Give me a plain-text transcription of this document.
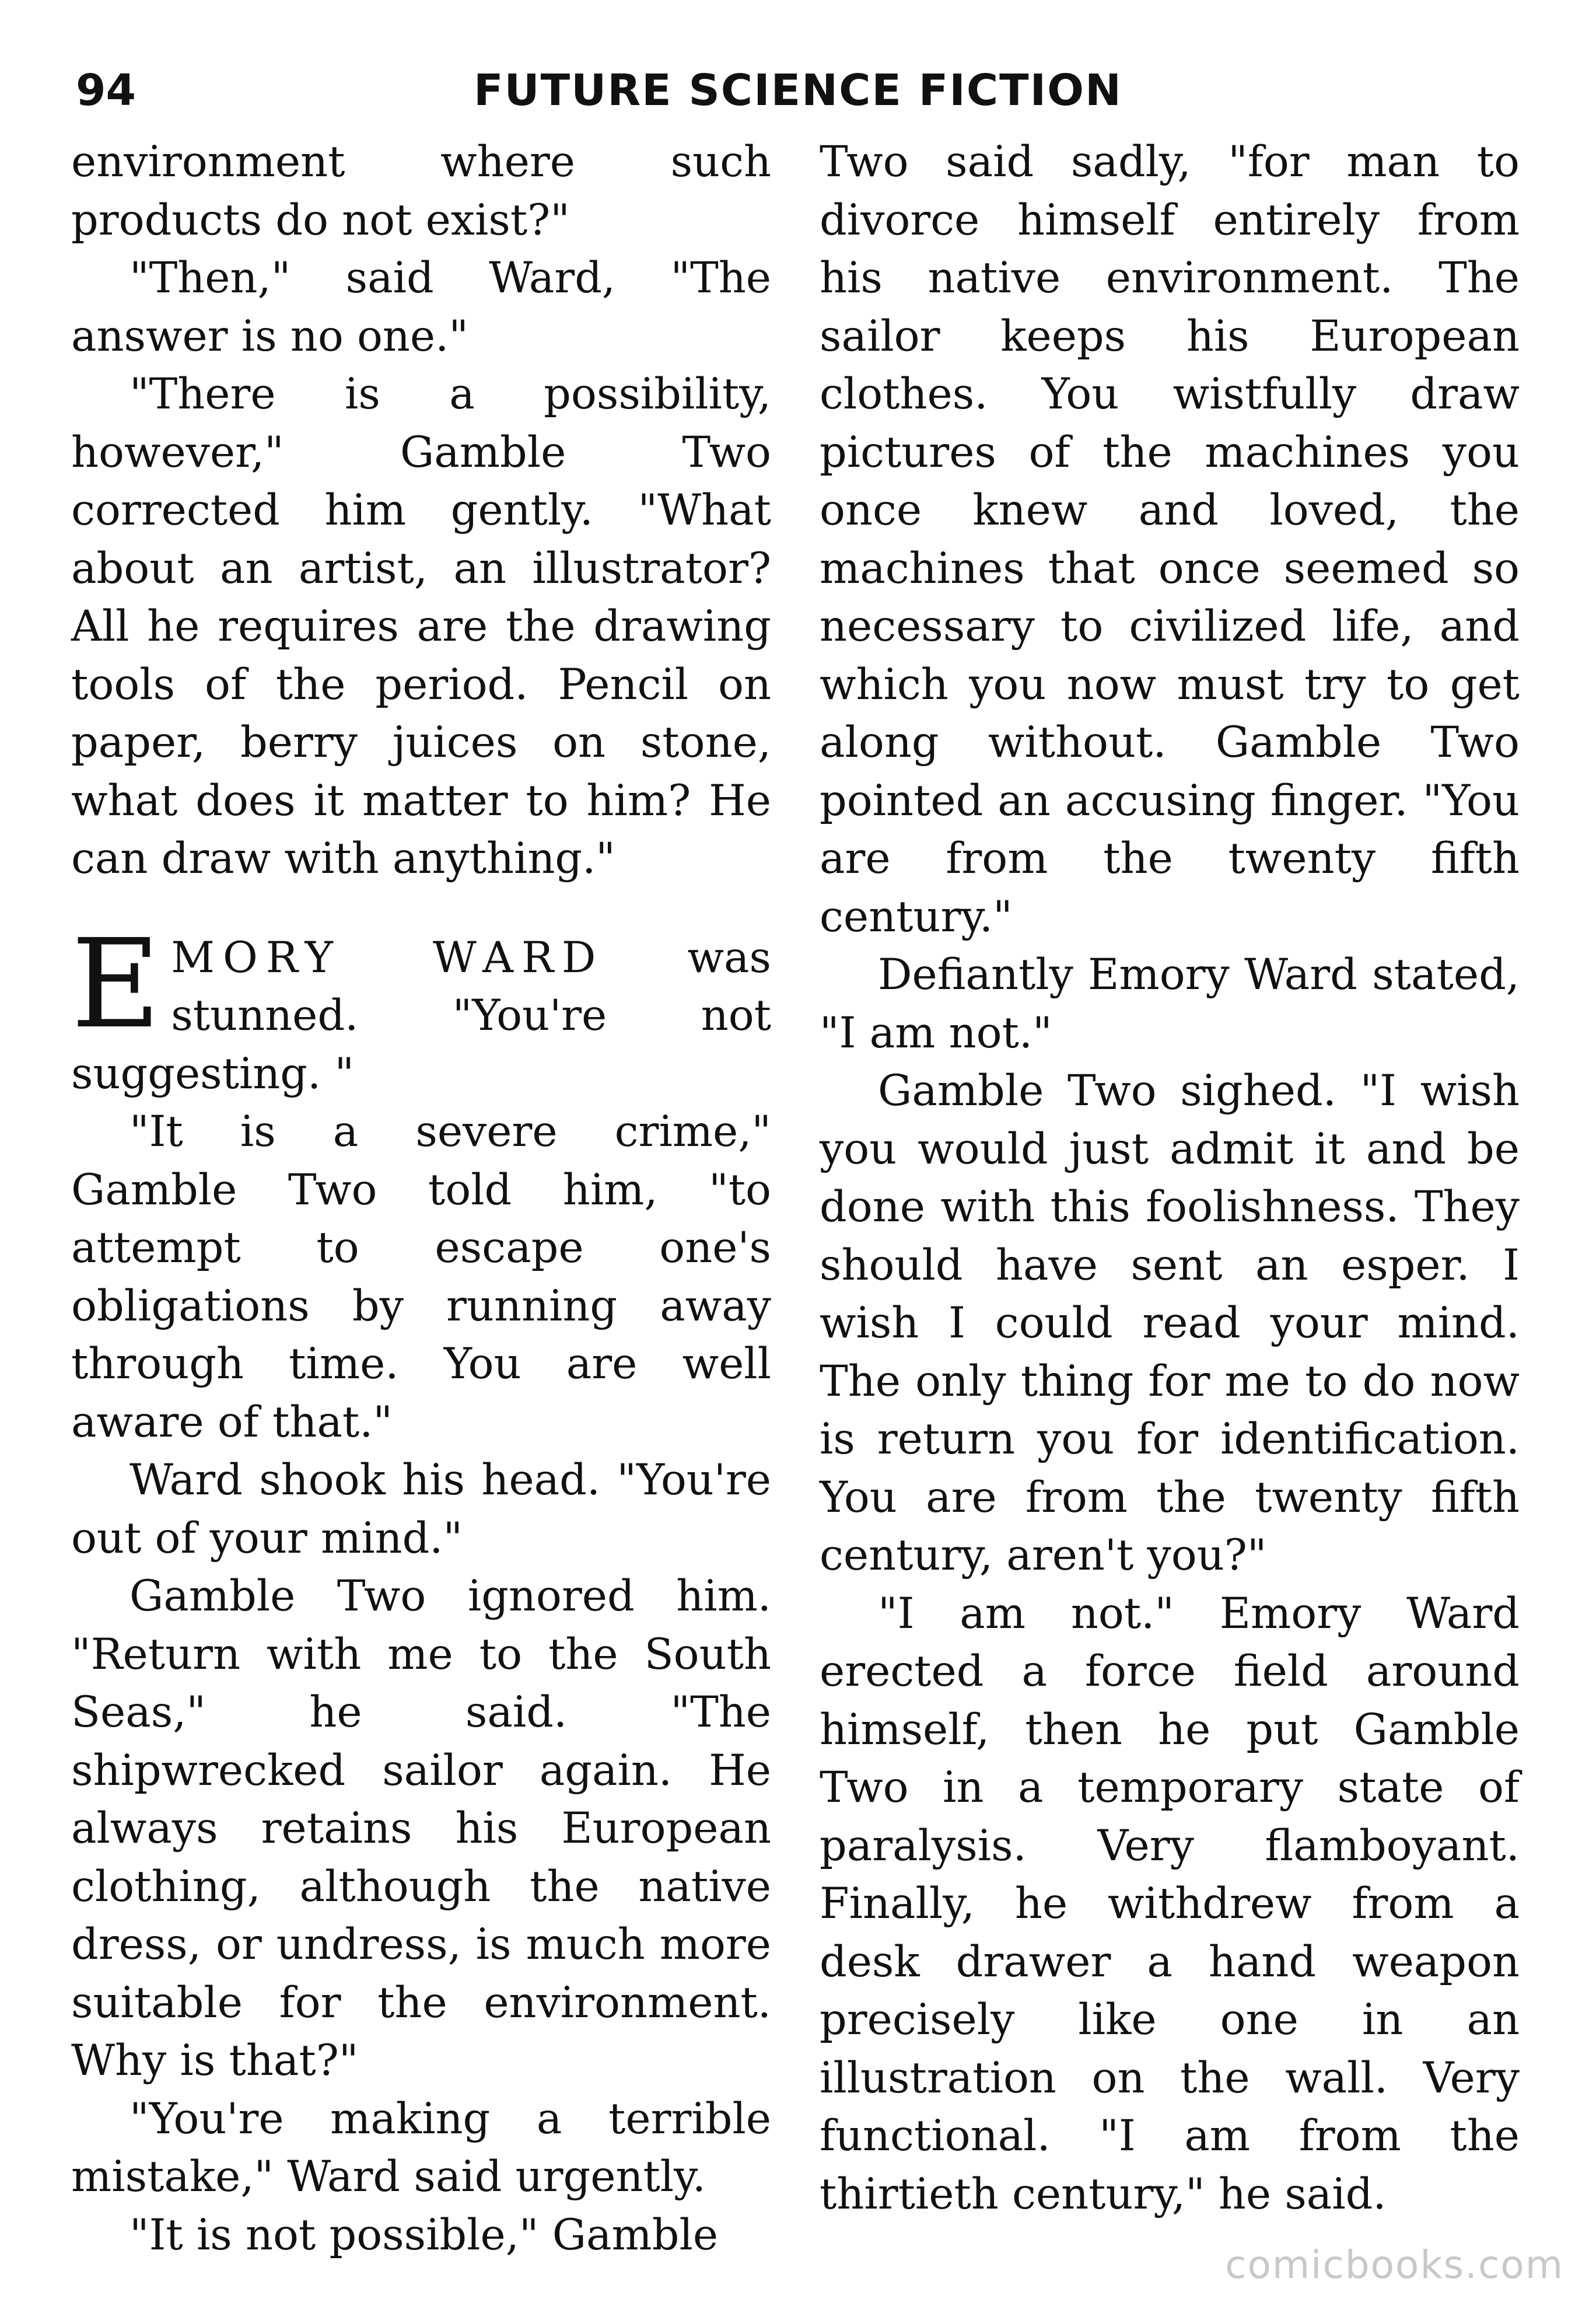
94	FUTURE SCIENCE FICTION

environment where such products do not exist?"

"Then," said Ward, "The answer is no one."

"There is a possibility, however," Gamble Two corrected him gently. "What about an artist, an illustrator? All he requires are the drawing tools of the period. Pencil on paper, berry juices on stone, what does it matter to him? He can draw with anything."

EMORY WARD was stunned. "You're not suggesting. "

"It is a severe crime," Gamble Two told him, "to attempt to escape one's obligations by running away through time. You are well aware of that."

Ward shook his head. "You're out of your mind."

Gamble Two ignored him. "Return with me to the South Seas," he said. "The shipwrecked sailor again. He always retains his European clothing, although the native dress, or undress, is much more suitable for the environment. Why is that?"

"You're making a terrible mistake," Ward said urgently.

"It is not possible," Gamble

Two said sadly, "for man to divorce himself entirely from his native environment. The sailor keeps his European clothes. You wistfully draw pictures of the machines you once knew and loved, the machines that once seemed so necessary to civilized life, and which you now must try to get along without. Gamble Two pointed an accusing finger. "You are from the twenty fifth century."

Defiantly Emory Ward stated, "I am not."

Gamble Two sighed. "I wish you would just admit it and be done with this foolishness. They should have sent an esper. I wish I could read your mind. The only thing for me to do now is return you for identification. You are from the twenty fifth century, aren't you?"

"I am not." Emory Ward erected a force field around himself, then he put Gamble Two in a temporary state of paralysis. Very flamboyant. Finally, he withdrew from a desk drawer a hand weapon precisely like one in an illustration on the wall. Very functional. "I am from the thirtieth century," he said.

comicbooks.com
